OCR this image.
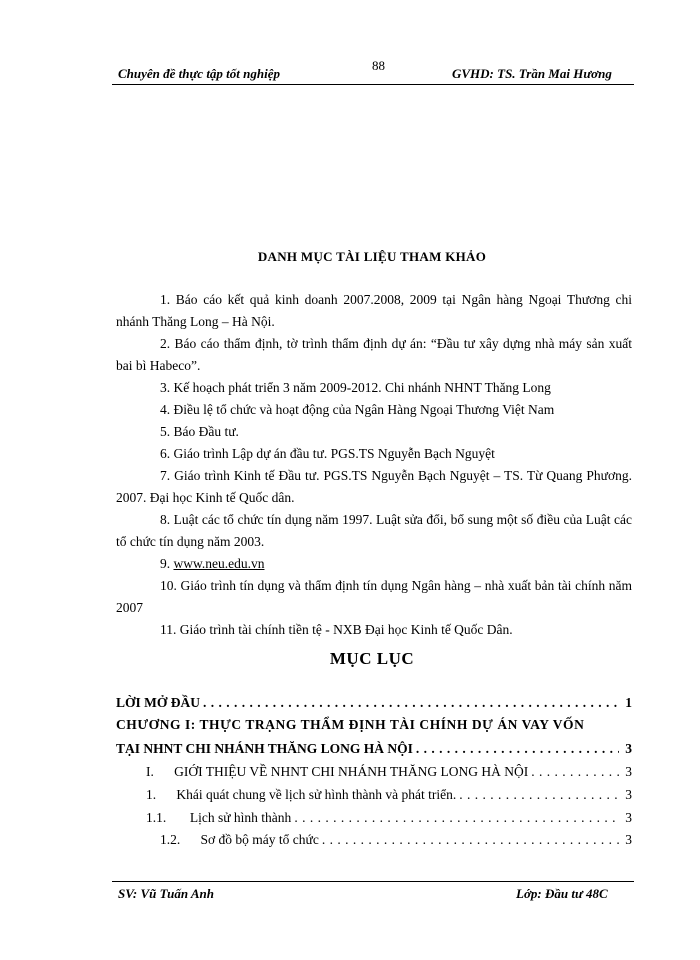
Chuyên đề thực tập tốt nghiệp
88
GVHD: TS. Trần Mai Hương
DANH MỤC TÀI LIỆU THAM KHẢO
1. Báo cáo kết quả kinh doanh 2007.2008, 2009 tại Ngân hàng Ngoại Thương chi nhánh Thăng Long – Hà Nội.
2. Báo cáo thẩm định, tờ trình thẩm định dự án: “Đầu tư xây dựng nhà máy sản xuất bai bì Habeco”.
3. Kế hoạch phát triển 3 năm 2009-2012. Chi nhánh NHNT Thăng Long
4. Điều lệ tổ chức và hoạt động của Ngân Hàng Ngoại Thương Việt Nam
5. Báo Đầu tư.
6. Giáo trình Lập dự án đầu tư. PGS.TS Nguyễn Bạch Nguyệt
7. Giáo trình Kinh tế Đầu tư. PGS.TS Nguyễn Bạch Nguyệt – TS. Từ Quang Phương. 2007. Đại học Kinh tế Quốc dân.
8. Luật các tổ chức tín dụng năm 1997. Luật sửa đổi, bổ sung một số điều của Luật các tổ chức tín dụng năm 2003.
9. www.neu.edu.vn
10. Giáo trình tín dụng và thẩm định tín dụng Ngân hàng – nhà xuất bản tài chính năm 2007
11. Giáo trình tài chính tiền tệ - NXB Đại học Kinh tế Quốc Dân.
MỤC LỤC
LỜI MỞ ĐẦU . . .	1
CHƯƠNG I: THỰC TRẠNG THẨM ĐỊNH TÀI CHÍNH DỰ ÁN VAY VỐN
TẠI NHNT CHI NHÁNH THĂNG LONG HÀ NỘI . . .	3
I.      GIỚI THIỆU VỀ NHNT CHI NHÁNH THĂNG LONG HÀ NỘI . . .	3
1.      Khái quát chung về lịch sử hình thành và phát triển. . . .	3
1.1.       Lịch sử hình thành . . .	3
1.2.      Sơ đồ bộ máy tổ chức . . .	3
SV: Vũ Tuấn Anh	Lớp: Đầu tư 48C
